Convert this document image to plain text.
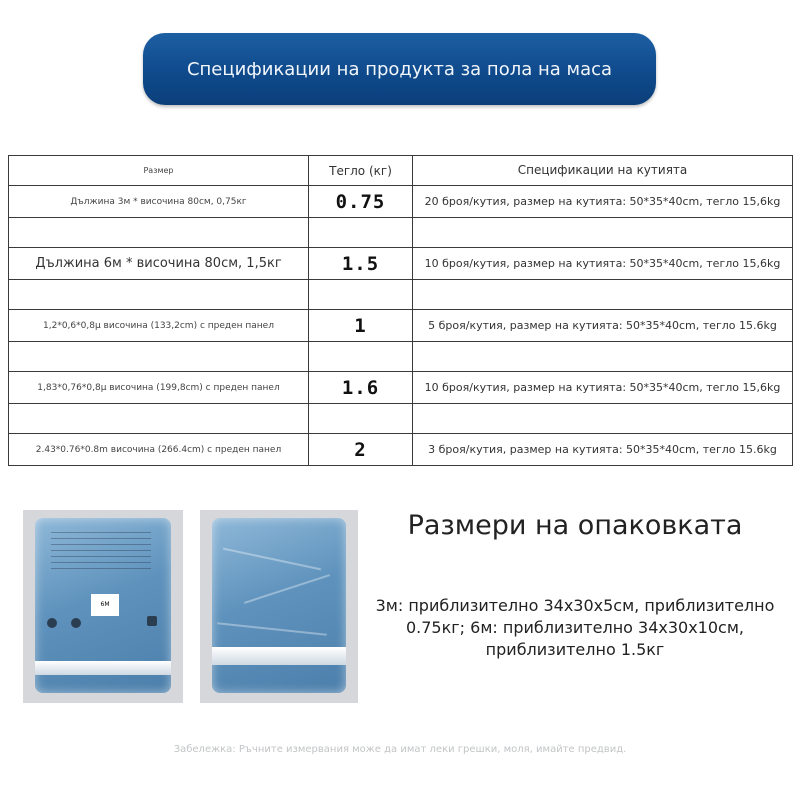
Спецификации на продукта за пола на маса
Размер	Тегло (кг)	Спецификации на кутията
Дължина 3м * височина 80см, 0,75кг	0.75	20 броя/кутия, размер на кутията: 50*35*40cm, тегло 15,6kg

Дължина 6м * височина 80см, 1,5кг	1.5	10 броя/кутия, размер на кутията: 50*35*40cm, тегло 15,6kg

1,2*0,6*0,8μ височина (133,2cm) с преден панел	1	5 броя/кутия, размер на кутията: 50*35*40cm, тегло 15.6kg

1,83*0,76*0,8μ височина (199,8cm) с преден панел	1.6	10 броя/кутия, размер на кутията: 50*35*40cm, тегло 15,6kg

2.43*0.76*0.8m височина (266.4cm) с преден панел	2	3 броя/кутия, размер на кутията: 50*35*40cm, тегло 15.6kg
6M
Размери на опаковката
3м: приблизително 34x30x5см, приблизително 0.75кг; 6м: приблизително 34x30x10см, приблизително 1.5кг
Забележка: Ръчните измервания може да имат леки грешки, моля, имайте предвид.
